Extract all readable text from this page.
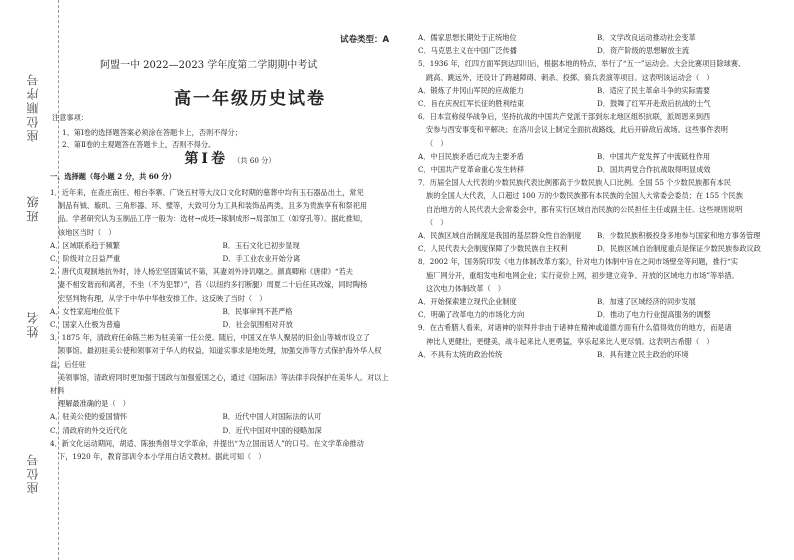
座位顺序号
班级
姓名
座位号
试卷类型：A
阿盟一中 2022—2023 学年度第二学期期中考试
高一年级历史试卷
注意事项：
1、第Ⅰ卷的选择题答案必须涂在答题卡上，否则不得分；
2、第Ⅱ卷的主观题答在答题卡上，否则不得分。
第Ⅰ卷 （共 60 分）
一、选择题（每小题 2 分，共 60 分）

1．近年来，在查庄南庄、相台李寨、广饶五村等大汶口文化时期的墓葬中均有玉石器品出土，常见

制品有钺、璇玑、三角形器、环、璧等，大致可分为工具和装饰品两类，且多为贵族享有和祭祀用

品。学者研究认为玉制品工序一般为：选材→成坯→琢制成形→局部加工（如穿孔等）。据此推知，

该地区当时（　）

A．区域联系趋于频繁	B．玉石文化已初步显现
C．阶级对立日益严重	D．手工业农业开始分离

2．唐代贞观制地抗外时，诗人杨宏坚固策试不第，其妻刘外诗讥嘲之。颜真卿称《唐律》“若夫

妻不相安谐而和离者，不坐（不为犯罪）”，苔（以纽约多打断腿）周夏二十后任其改嫁，同时陶杨

宏坚判物有理，从学于中华中华他安排工作。这反映了当时（　）

A．女性家庭地位低下	B．民事审判不甚严格
C．国家入仕极为普遍	D．社会氛围相对开放

3．1875 年，清政府任命陈兰彬为驻美第一任公使。随后，中国又在华人聚居的旧金山等城市设立了

领事馆。最初驻美公使和领事对于华人的权益，知道实事求是地处理，加强交涉等方式保护海外华人权益。后任驻

美领事馆，清政府同时更加强于国政与加强爱国之心，通过《国际法》等法律手段保护在美华人。对以上材料

理解最准确的是（　）

A．驻美公使的爱国情怀	B．近代中国人对国际法的认可
C．清政府的外交近代化	D．近代中国对中国的侵略加深

4．新文化运动期间，胡适、陈独秀倡导文学革命，并提出“为立国而话人”的口号。在文学革命推动

下，1920 年，教育部训令本小学用白话文教材。据此可知（　）

A．儒家思想长期处于正统地位	B．文学改良运动推动社会变革
C．马克思主义在中国广泛传播	D．资产阶级的思想解放主流

5．1936 年，红四方面军到达四川后，根据本地的特点，举行了“五一”运动会。大会比赛项目除球赛、

跳高、跳远外，还设计了跨越障碍、刺杀、投掷、骑兵表演等项目。这表明该运动会（　）

A．锻炼了井冈山军民的应战能力	B．适应了民主革命斗争的实际需要
C．旨在庆祝红军长征的胜利结束	D．鼓舞了红军开赴敌后抗战的士气

6．日本宣称侵华战争后，坚持抗战的中国共产党派干部到东北地区组织抗联，派周恩来到西

安参与西安事变和平解决；在洛川会议上制定全面抗战路线，此后开辟敌后战场。这些事件表明

（　）

A．中日民族矛盾已成为主要矛盾	B．中国共产党发挥了中流砥柱作用
C．中国共产党革命重心发生转移	D．国共两党合作抗战取得明显成效

7．历届全国人大代表的少数民族代表比例都高于少数民族人口比例。全国 55 个少数民族都有本民

族的全国人大代表，人口超过 100 万的少数民族都有本民族的全国人大常委会委员；在 155 个民族

自治地方的人民代表大会常委会中，都有实行区域自治民族的公民担任主任或副主任。这些规则说明

（　）

A．民族区域自治制度是我国的基层群众性自治制度	B．少数民族积极投身多地参与国家和地方事务管理
C．人民代表大会制度保障了少数民族自主权利	D．民族区域自治制度重点是保证少数民族参政议政

8．2002 年，国务院印发《电力体制改革方案》，针对电力体制中旨在之间市场壁垒等问题，推行“实

施厂网分开，重组发电和电网企业；实行竞价上网，初步建立竞争、开放的区域电力市场”等举措。

这次电力体制改革（　）

A．开始探索建立现代企业制度	B．加速了区域经济的同步发展
C．明确了改革电力的市场化方向	D．推动了电力行业提高服务的调整

9．在古希腊人看来，对诸神的崇拜并非由于诸神在精神或道德方面有什么值得效仿的地方，而是诸

神比人更健壮，更健美，战斗起来比人更勇猛，享乐起来比人更尽情。这表明古希腊（　）

A．不具有太统的政治传统	B．具有建立民主政治的环境
